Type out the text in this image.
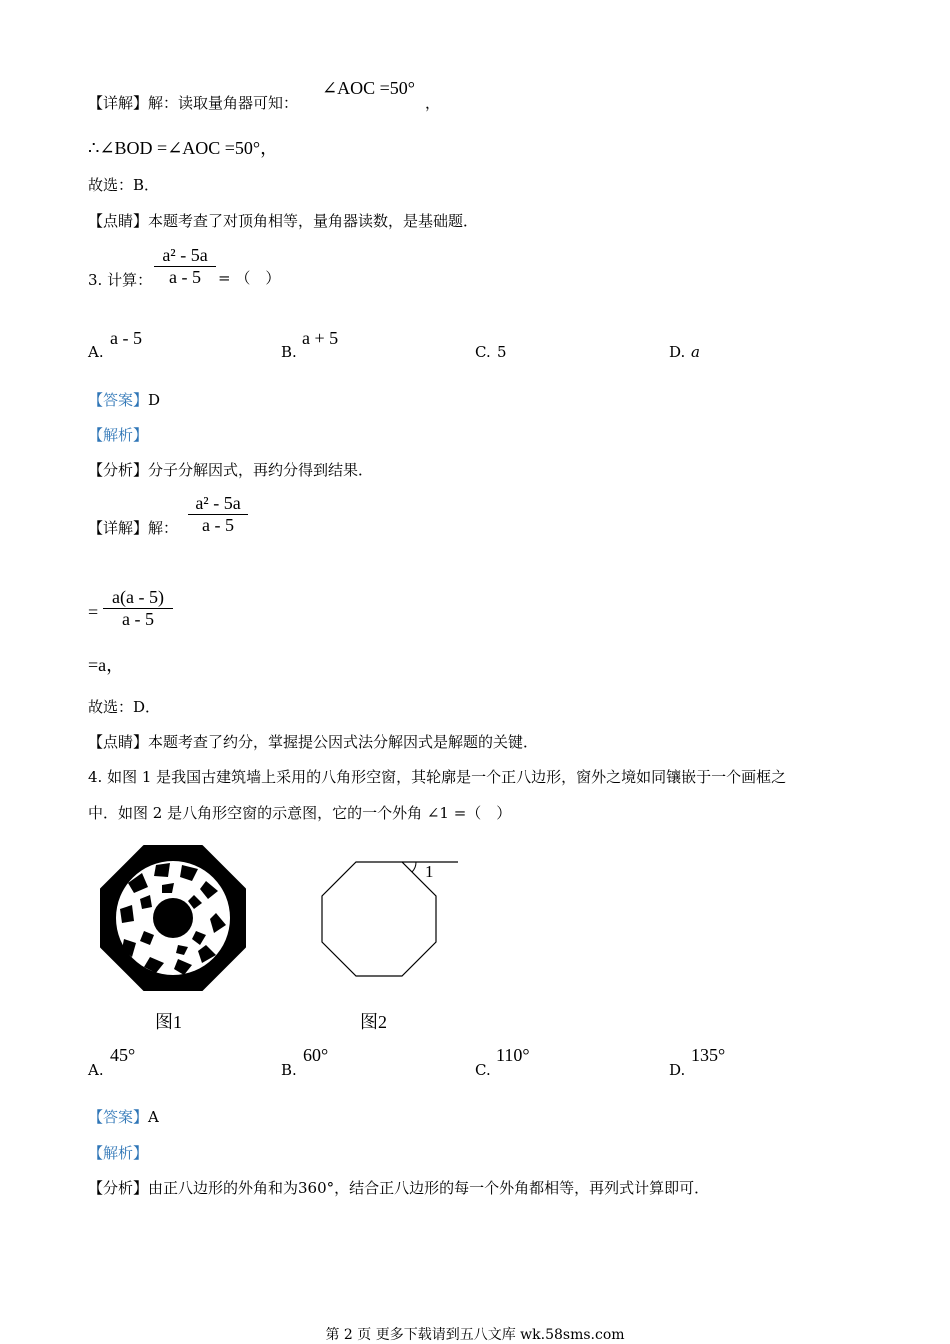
【详解】解：读取量角器可知：
∠AOC =50°
，
∴∠BOD =∠AOC =50°，
故选：B．
【点睛】本题考查了对顶角相等，量角器读数，是基础题．
3. 计算：
a² - 5a
a - 5	= （　）
A.
a - 5
B.
a + 5
C. 5	D. a
【答案】D
【解析】
【分析】分子分解因式，再约分得到结果．
【详解】解：
a² - 5a
a - 5
=
a(a - 5)
a - 5
=a，
故选：D．
【点睛】本题考查了约分，掌握提公因式法分解因式是解题的关键．
4. 如图 1 是我国古建筑墙上采用的八角形空窗，其轮廓是一个正八边形，窗外之境如同镶嵌于一个画框之
中．如图 2 是八角形空窗的示意图，它的一个外角 ∠1 =（　）
图1
1
图2
A.
45°
B.
60°
C.
110°
D.
135°
【答案】A
【解析】
【分析】由正八边形的外角和为360°，结合正八边形的每一个外角都相等，再列式计算即可．
第 2 页 更多下载请到五八文库 wk.58sms.com
